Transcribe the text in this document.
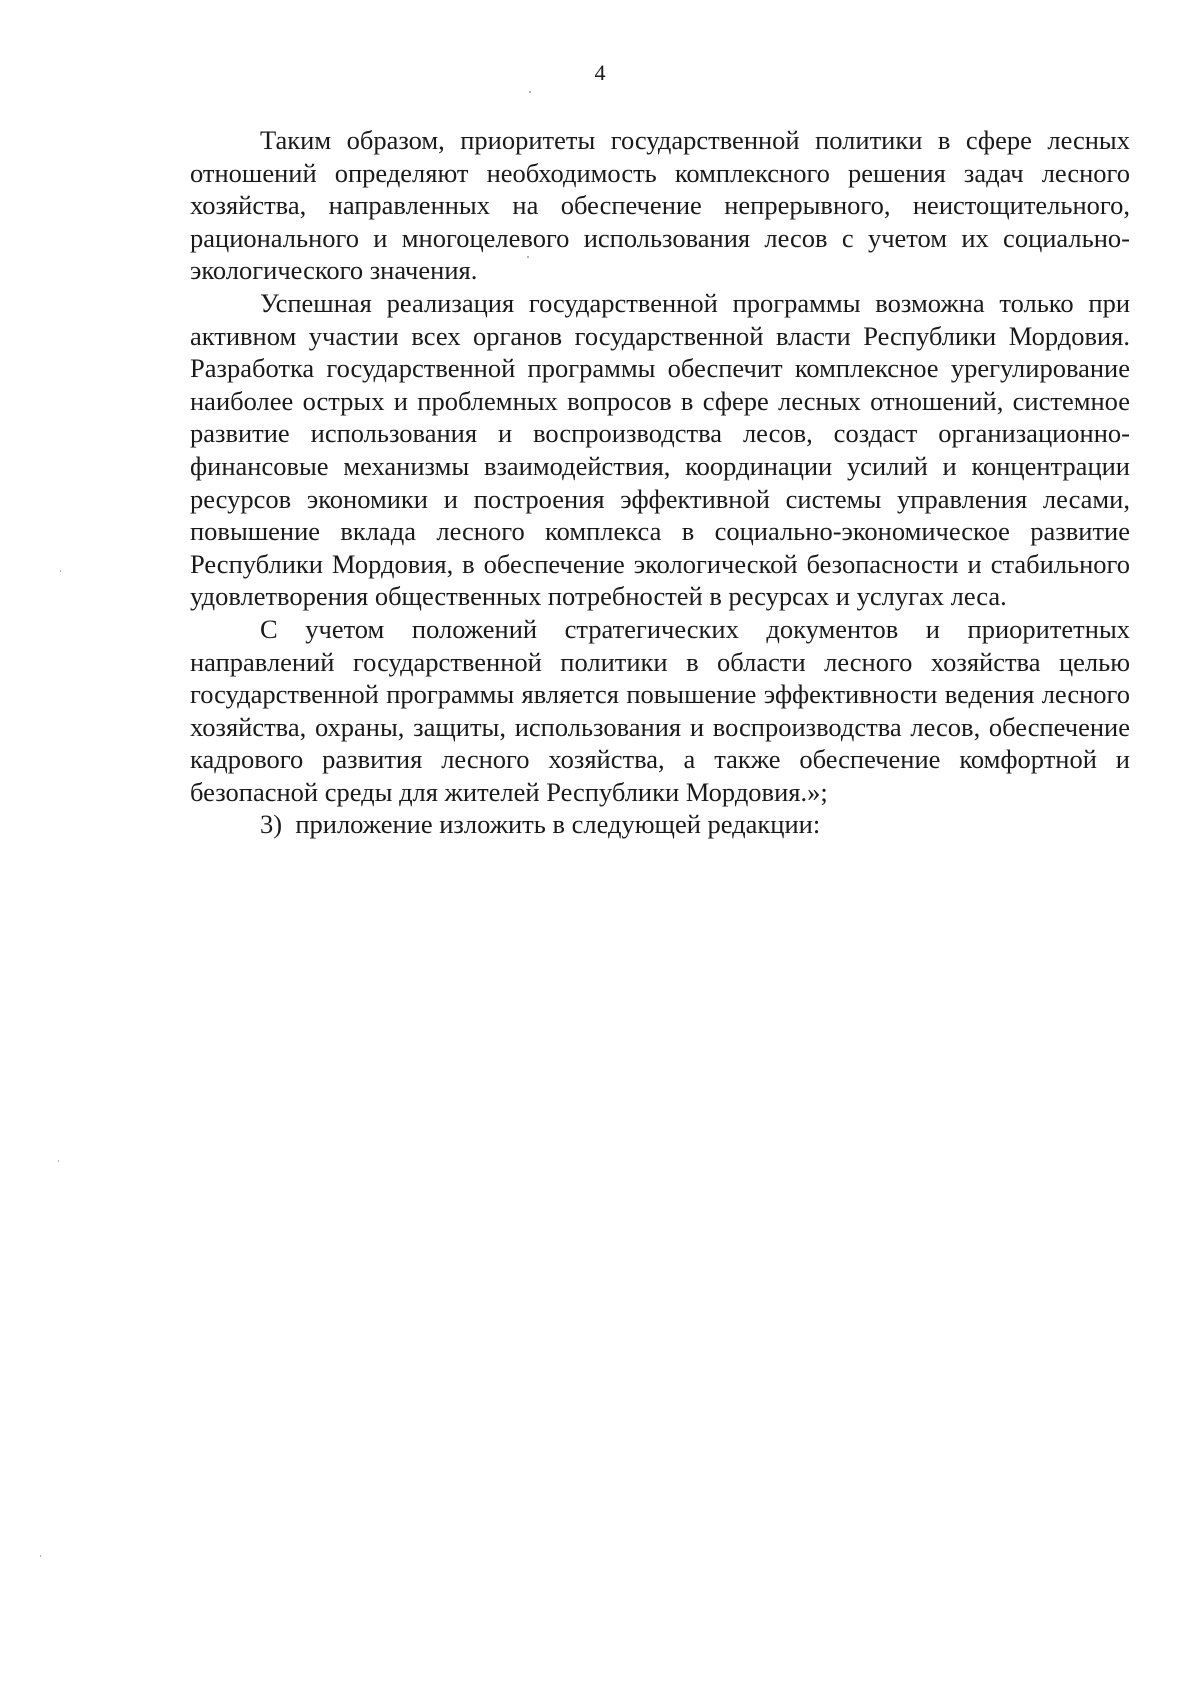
4

Таким образом, приоритеты государственной политики в сфере лесных отношений определяют необходимость комплексного решения задач лесного хозяйства, направленных на обеспечение непрерывного, неистощительного, рационального и многоцелевого использования лесов с учетом их социально-экологического значения.

Успешная реализация государственной программы возможна только при активном участии всех органов государственной власти Республики Мордовия. Разработка государственной программы обеспечит комплексное урегулирование наиболее острых и проблемных вопросов в сфере лесных отношений, системное развитие использования и воспроизводства лесов, создаст организационно-финансовые механизмы взаимодействия, координации усилий и концентрации ресурсов экономики и построения эффективной системы управления лесами, повышение вклада лесного комплекса в социально-экономическое развитие Республики Мордовия, в обеспечение экологической безопасности и стабильного удовлетворения общественных потребностей в ресурсах и услугах леса.

С учетом положений стратегических документов и приоритетных направлений государственной политики в области лесного хозяйства целью государственной программы является повышение эффективности ведения лесного хозяйства, охраны, защиты, использования и воспроизводства лесов, обеспечение кадрового развития лесного хозяйства, а также обеспечение комфортной и безопасной среды для жителей Республики Мордовия.»;

3)  приложение изложить в следующей редакции:
